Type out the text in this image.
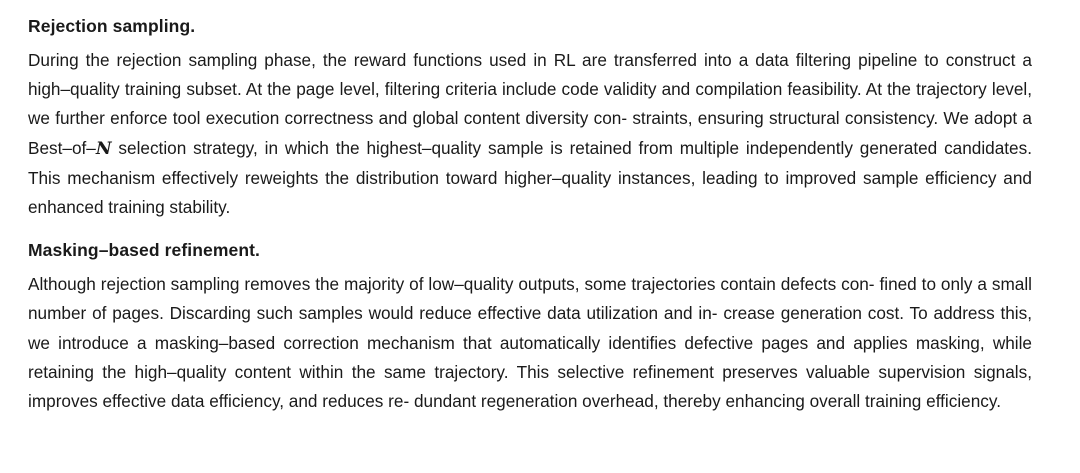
Rejection sampling.
During the rejection sampling phase, the reward functions used in RL are transferred into a data filtering pipeline to construct a high–quality training subset. At the page level, filtering criteria include code validity and compilation feasibility. At the trajectory level, we further enforce tool execution correctness and global content diversity con- straints, ensuring structural consistency. We adopt a Best–of–N selection strategy, in which the highest–quality sample is retained from multiple independently generated candidates. This mechanism effectively reweights the distribution toward higher–quality instances, leading to improved sample efficiency and enhanced training stability.
Masking–based refinement.
Although rejection sampling removes the majority of low–quality outputs, some trajectories contain defects con- fined to only a small number of pages. Discarding such samples would reduce effective data utilization and in- crease generation cost. To address this, we introduce a masking–based correction mechanism that automatically identifies defective pages and applies masking, while retaining the high–quality content within the same trajectory. This selective refinement preserves valuable supervision signals, improves effective data efficiency, and reduces re- dundant regeneration overhead, thereby enhancing overall training efficiency.
